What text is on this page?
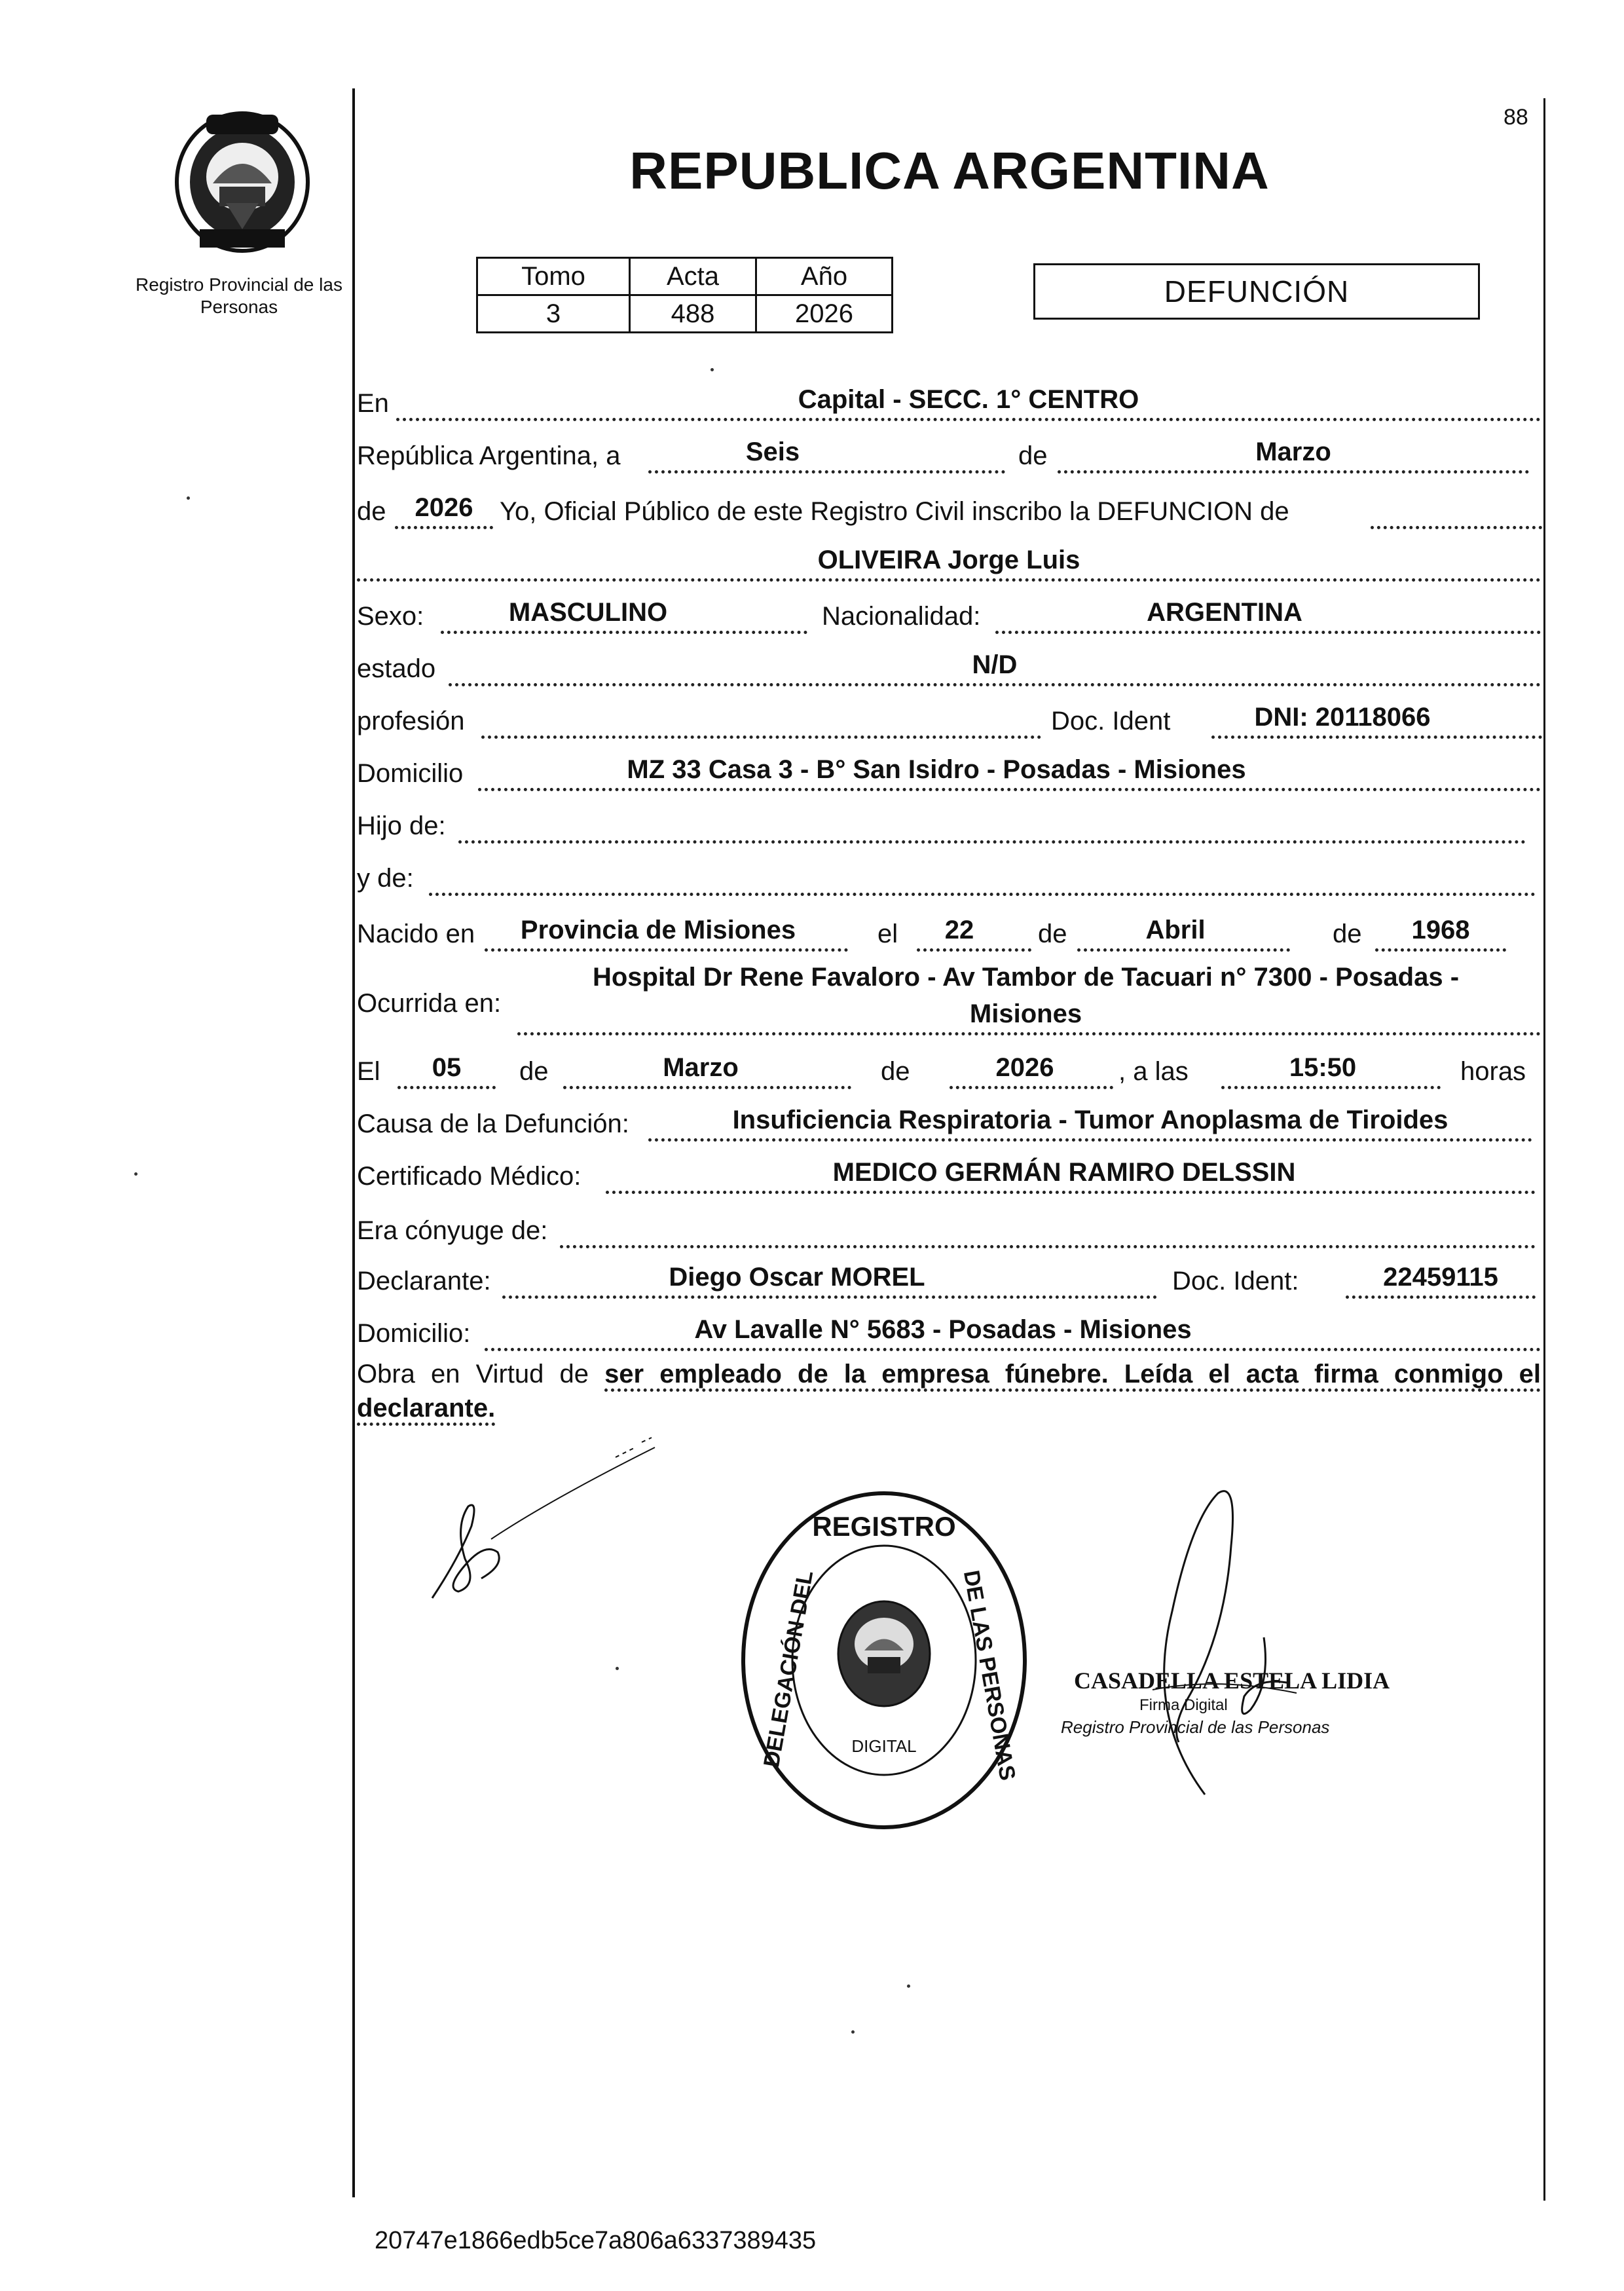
Registro Provincial de las Personas
88
REPUBLICA ARGENTINA
Tomo	Acta	Año
3	488	2026
DEFUNCIÓN
En	Capital - SECC. 1° CENTRO
República Argentina, a	Seis	de	Marzo
de	2026	Yo, Oficial Público de este Registro Civil inscribo la DEFUNCION de
OLIVEIRA Jorge Luis
Sexo:	MASCULINO	Nacionalidad:	ARGENTINA
estado	N/D
profesión	Doc. Ident	DNI: 20118066
Domicilio	MZ 33 Casa 3 - B° San Isidro - Posadas - Misiones
Hijo de:
y de:
Nacido en	Provincia de Misiones	el	22	de	Abril	de	1968
Ocurrida en:
Hospital Dr Rene Favaloro - Av Tambor de Tacuari n° 7300 - Posadas -
Misiones
El	05	de	Marzo	de	2026	, a las	15:50	horas
Causa de la Defunción:	Insuficiencia Respiratoria - Tumor Anoplasma de Tiroides
Certificado Médico:	MEDICO GERMÁN RAMIRO DELSSIN
Era cónyuge de:
Declarante:	Diego Oscar MOREL	Doc. Ident:	22459115
Domicilio:	Av Lavalle N° 5683 - Posadas - Misiones
Obra en Virtud de ser empleado de la empresa fúnebre. Leída el acta firma conmigo el declarante.
REGISTRO
DELEGACIÓN DEL	DE LAS PERSONAS
DIGITAL
CASADELLA ESTELA LIDIA
Firma Digital
Registro Provincial de las Personas
20747e1866edb5ce7a806a6337389435
